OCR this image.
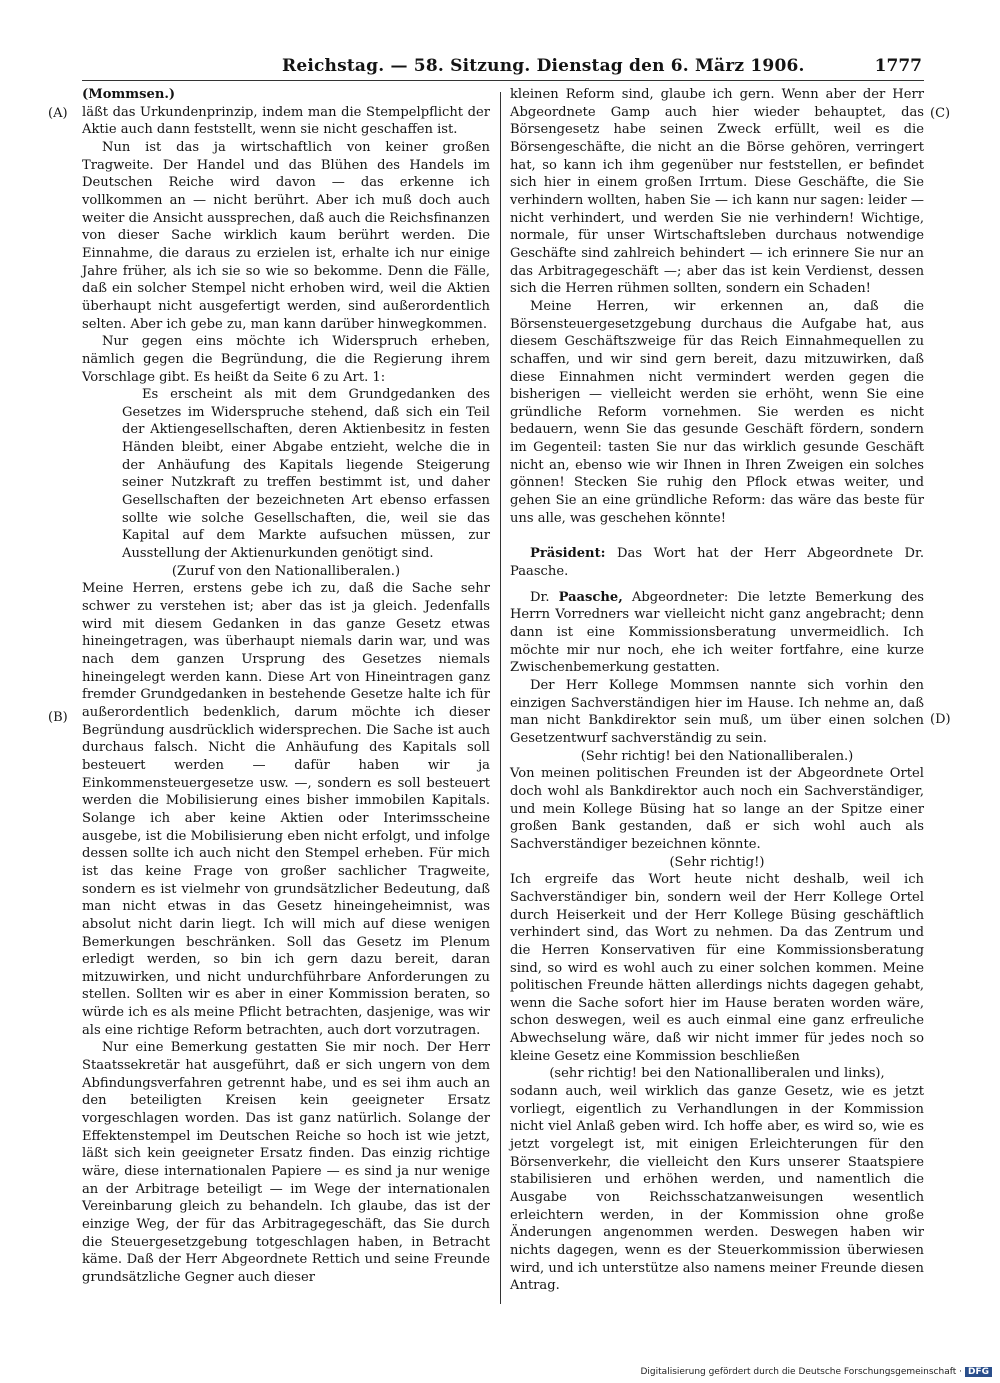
Reichstag. — 58. Sitzung. Dienstag den 6. März 1906.	1777
(A)
(B)
(C)
(D)

(Mommsen.)

läßt das Urkundenprinzip, indem man die Stempelpflicht der Aktie auch dann feststellt, wenn sie nicht geschaffen ist.

Nun ist das ja wirtschaftlich von keiner großen Tragweite. Der Handel und das Blühen des Handels im Deutschen Reiche wird davon — das erkenne ich vollkommen an — nicht berührt. Aber ich muß doch auch weiter die Ansicht aussprechen, daß auch die Reichsfinanzen von dieser Sache wirklich kaum berührt werden. Die Einnahme, die daraus zu erzielen ist, erhalte ich nur einige Jahre früher, als ich sie so wie so bekomme. Denn die Fälle, daß ein solcher Stempel nicht erhoben wird, weil die Aktien überhaupt nicht ausgefertigt werden, sind außerordentlich selten. Aber ich gebe zu, man kann darüber hinwegkommen.

Nur gegen eins möchte ich Widerspruch erheben, nämlich gegen die Begründung, die die Regierung ihrem Vorschlage gibt. Es heißt da Seite 6 zu Art. 1:

Es erscheint als mit dem Grundgedanken des Gesetzes im Widerspruche stehend, daß sich ein Teil der Aktiengesellschaften, deren Aktienbesitz in festen Händen bleibt, einer Abgabe entzieht, welche die in der Anhäufung des Kapitals liegende Steigerung seiner Nutzkraft zu treffen bestimmt ist, und daher Gesellschaften der bezeichneten Art ebenso erfassen sollte wie solche Gesellschaften, die, weil sie das Kapital auf dem Markte aufsuchen müssen, zur Ausstellung der Aktienurkunden genötigt sind.

(Zuruf von den Nationalliberalen.)

Meine Herren, erstens gebe ich zu, daß die Sache sehr schwer zu verstehen ist; aber das ist ja gleich. Jedenfalls wird mit diesem Gedanken in das ganze Gesetz etwas hineingetragen, was überhaupt niemals darin war, und was nach dem ganzen Ursprung des Gesetzes niemals hineingelegt werden kann. Diese Art von Hineintragen ganz fremder Grundgedanken in bestehende Gesetze halte ich für außerordentlich bedenklich, darum möchte ich dieser Begründung ausdrücklich widersprechen. Die Sache ist auch durchaus falsch. Nicht die Anhäufung des Kapitals soll besteuert werden — dafür haben wir ja Einkommensteuergesetze usw. —, sondern es soll besteuert werden die Mobilisierung eines bisher immobilen Kapitals. Solange ich aber keine Aktien oder Interimsscheine ausgebe, ist die Mobilisierung eben nicht erfolgt, und infolge dessen sollte ich auch nicht den Stempel erheben. Für mich ist das keine Frage von großer sachlicher Tragweite, sondern es ist vielmehr von grundsätzlicher Bedeutung, daß man nicht etwas in das Gesetz hineingeheimnist, was absolut nicht darin liegt. Ich will mich auf diese wenigen Bemerkungen beschränken. Soll das Gesetz im Plenum erledigt werden, so bin ich gern dazu bereit, daran mitzuwirken, und nicht undurchführbare Anforderungen zu stellen. Sollten wir es aber in einer Kommission beraten, so würde ich es als meine Pflicht betrachten, dasjenige, was wir als eine richtige Reform betrachten, auch dort vorzutragen.

Nur eine Bemerkung gestatten Sie mir noch. Der Herr Staatssekretär hat ausgeführt, daß er sich ungern von dem Abfindungsverfahren getrennt habe, und es sei ihm auch an den beteiligten Kreisen kein geeigneter Ersatz vorgeschlagen worden. Das ist ganz natürlich. Solange der Effektenstempel im Deutschen Reiche so hoch ist wie jetzt, läßt sich kein geeigneter Ersatz finden. Das einzig richtige wäre, diese internationalen Papiere — es sind ja nur wenige an der Arbitrage beteiligt — im Wege der internationalen Vereinbarung gleich zu behandeln. Ich glaube, das ist der einzige Weg, der für das Arbitragegeschäft, das Sie durch die Steuergesetzgebung totgeschlagen haben, in Betracht käme. Daß der Herr Abgeordnete Rettich und seine Freunde grundsätzliche Gegner auch dieser

kleinen Reform sind, glaube ich gern. Wenn aber der Herr Abgeordnete Gamp auch hier wieder behauptet, das Börsengesetz habe seinen Zweck erfüllt, weil es die Börsengeschäfte, die nicht an die Börse gehören, verringert hat, so kann ich ihm gegenüber nur feststellen, er befindet sich hier in einem großen Irrtum. Diese Geschäfte, die Sie verhindern wollten, haben Sie — ich kann nur sagen: leider — nicht verhindert, und werden Sie nie verhindern! Wichtige, normale, für unser Wirtschaftsleben durchaus notwendige Geschäfte sind zahlreich behindert — ich erinnere Sie nur an das Arbitragegeschäft —; aber das ist kein Verdienst, dessen sich die Herren rühmen sollten, sondern ein Schaden!

Meine Herren, wir erkennen an, daß die Börsensteuergesetzgebung durchaus die Aufgabe hat, aus diesem Geschäftszweige für das Reich Einnahmequellen zu schaffen, und wir sind gern bereit, dazu mitzuwirken, daß diese Einnahmen nicht vermindert werden gegen die bisherigen — vielleicht werden sie erhöht, wenn Sie eine gründliche Reform vornehmen. Sie werden es nicht bedauern, wenn Sie das gesunde Geschäft fördern, sondern im Gegenteil: tasten Sie nur das wirklich gesunde Geschäft nicht an, ebenso wie wir Ihnen in Ihren Zweigen ein solches gönnen! Stecken Sie ruhig den Pflock etwas weiter, und gehen Sie an eine gründliche Reform: das wäre das beste für uns alle, was geschehen könnte!

Präsident: Das Wort hat der Herr Abgeordnete Dr. Paasche.

Dr. Paasche, Abgeordneter: Die letzte Bemerkung des Herrn Vorredners war vielleicht nicht ganz angebracht; denn dann ist eine Kommissionsberatung unvermeidlich. Ich möchte mir nur noch, ehe ich weiter fortfahre, eine kurze Zwischenbemerkung gestatten.

Der Herr Kollege Mommsen nannte sich vorhin den einzigen Sachverständigen hier im Hause. Ich nehme an, daß man nicht Bankdirektor sein muß, um über einen solchen Gesetzentwurf sachverständig zu sein.

(Sehr richtig! bei den Nationalliberalen.)

Von meinen politischen Freunden ist der Abgeordnete Ortel doch wohl als Bankdirektor auch noch ein Sachverständiger, und mein Kollege Büsing hat so lange an der Spitze einer großen Bank gestanden, daß er sich wohl auch als Sachverständiger bezeichnen könnte.

(Sehr richtig!)

Ich ergreife das Wort heute nicht deshalb, weil ich Sachverständiger bin, sondern weil der Herr Kollege Ortel durch Heiserkeit und der Herr Kollege Büsing geschäftlich verhindert sind, das Wort zu nehmen. Da das Zentrum und die Herren Konservativen für eine Kommissionsberatung sind, so wird es wohl auch zu einer solchen kommen. Meine politischen Freunde hätten allerdings nichts dagegen gehabt, wenn die Sache sofort hier im Hause beraten worden wäre, schon deswegen, weil es auch einmal eine ganz erfreuliche Abwechselung wäre, daß wir nicht immer für jedes noch so kleine Gesetz eine Kommission beschließen

(sehr richtig! bei den Nationalliberalen und links),

sodann auch, weil wirklich das ganze Gesetz, wie es jetzt vorliegt, eigentlich zu Verhandlungen in der Kommission nicht viel Anlaß geben wird. Ich hoffe aber, es wird so, wie es jetzt vorgelegt ist, mit einigen Erleichterungen für den Börsenverkehr, die vielleicht den Kurs unserer Staatspiere stabilisieren und erhöhen werden, und namentlich die Ausgabe von Reichsschatzanweisungen wesentlich erleichtern werden, in der Kommission ohne große Änderungen angenommen werden. Deswegen haben wir nichts dagegen, wenn es der Steuerkommission überwiesen wird, und ich unterstütze also namens meiner Freunde diesen Antrag.

Digitalisierung gefördert durch die Deutsche Forschungsgemeinschaft · DFG
